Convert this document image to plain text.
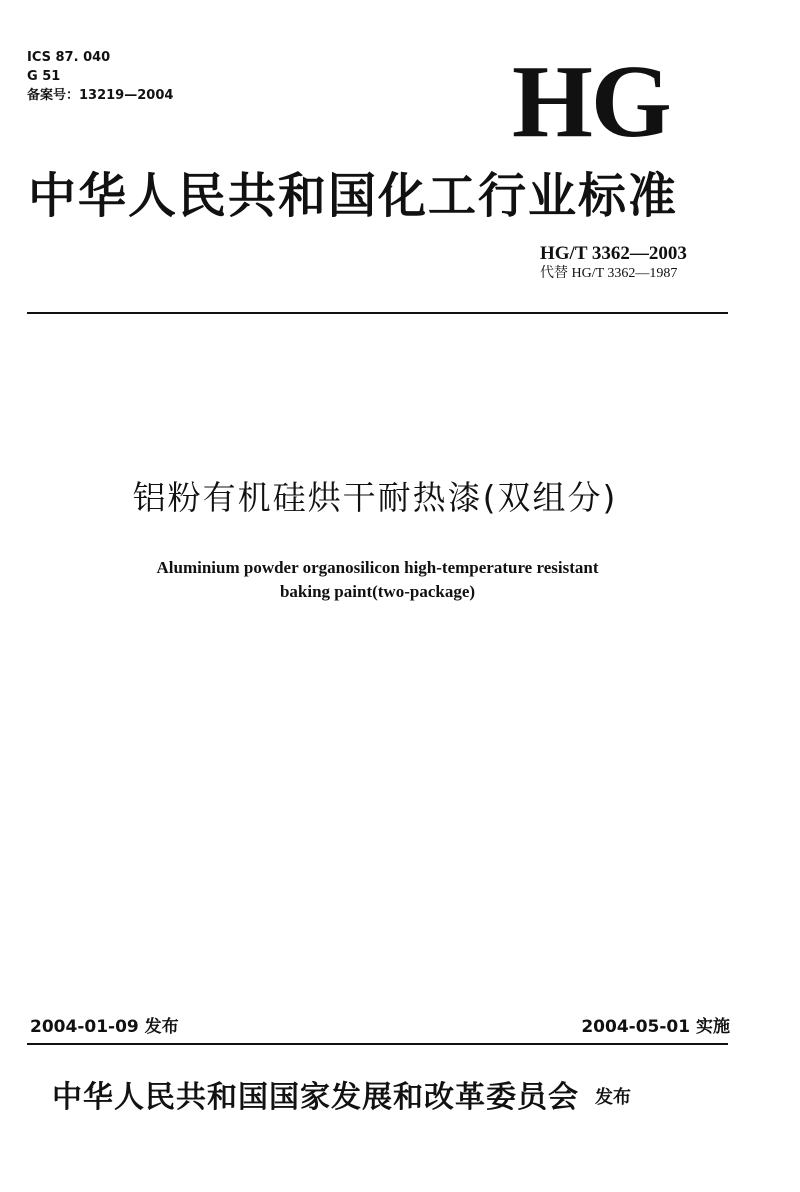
ICS 87. 040
G 51
备案号：13219—2004	HG
中华人民共和国化工行业标准
HG/T 3362—2003
代替 HG/T 3362—1987
铝粉有机硅烘干耐热漆(双组分)
Aluminium powder organosilicon high-temperature resistant
baking paint(two-package)
2004-01-09 发布	2004-05-01 实施
中华人民共和国国家发展和改革委员会 发布
